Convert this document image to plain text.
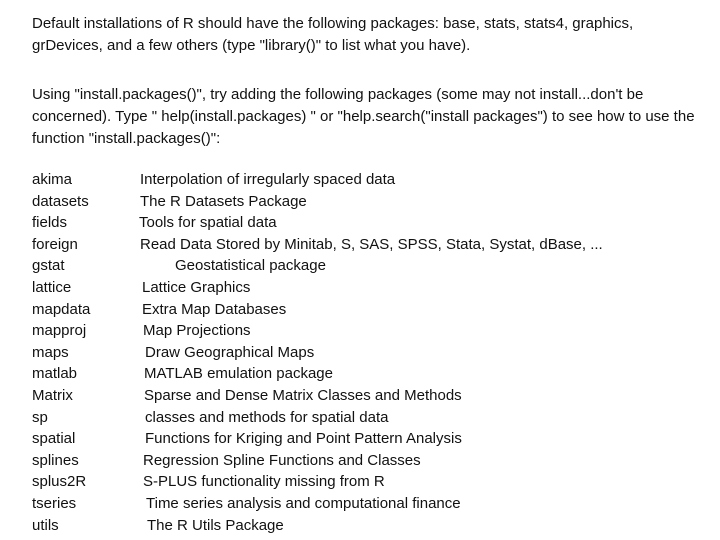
Default installations of R should have the following packages: base, stats, stats4, graphics, grDevices, and a few others (type "library()" to list what you have).

Using "install.packages()", try adding the following packages (some may not install...don't be concerned). Type " help(install.packages) " or "help.search("install packages") to see how to use the function "install.packages()":

akima	Interpolation of irregularly spaced data
datasets	The R Datasets Package
fields	Tools for spatial data
foreign	Read Data Stored by Minitab, S, SAS, SPSS, Stata, Systat, dBase, ...
gstat	Geostatistical package
lattice	Lattice Graphics
mapdata	Extra Map Databases
mapproj	Map Projections
maps	Draw Geographical Maps
matlab	MATLAB emulation package
Matrix	Sparse and Dense Matrix Classes and Methods
sp	classes and methods for spatial data
spatial	Functions for Kriging and Point Pattern Analysis
splines	Regression Spline Functions and Classes
splus2R	S-PLUS functionality missing from R
tseries	Time series analysis and computational finance
utils	The R Utils Package
